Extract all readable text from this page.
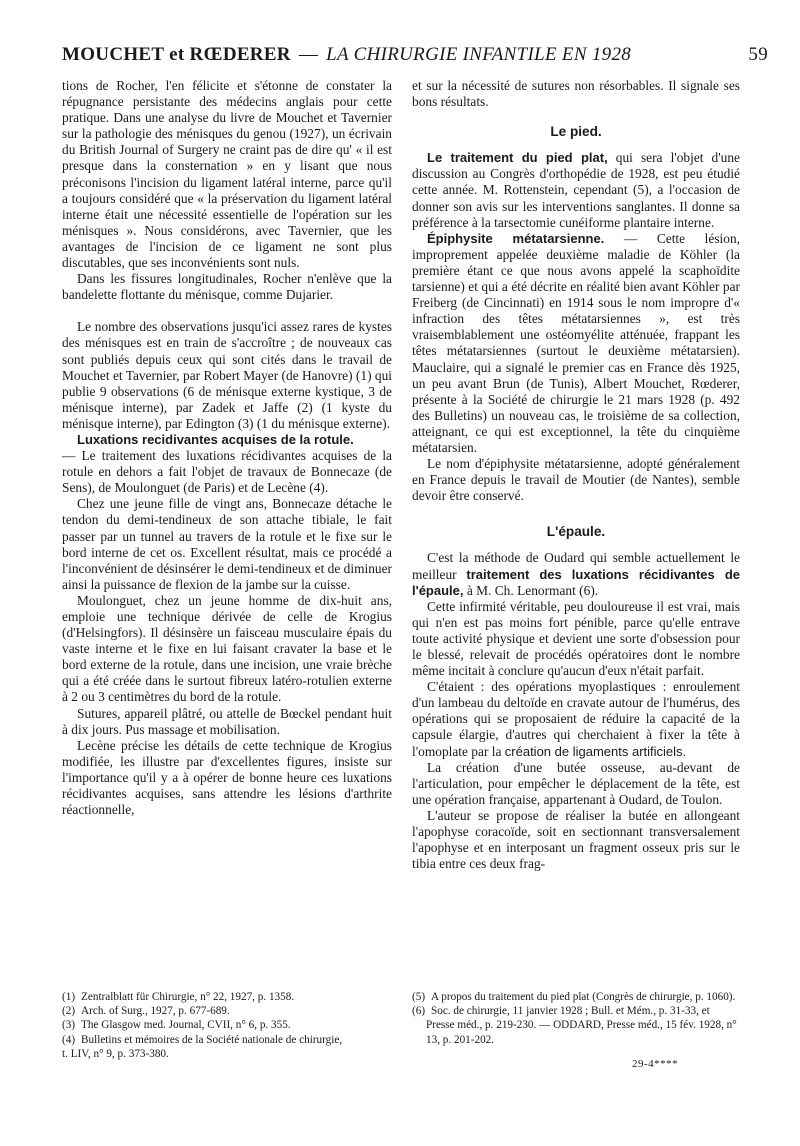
MOUCHET et RŒDERER — LA CHIRURGIE INFANTILE EN 1928	59

tions de Rocher, l'en félicite et s'étonne de constater la répugnance persistante des médecins anglais pour cette pratique. Dans une analyse du livre de Mouchet et Tavernier sur la pathologie des ménisques du genou (1927), un écrivain du British Journal of Surgery ne craint pas de dire qu' « il est presque dans la consternation » en y lisant que nous préconisons l'incision du ligament latéral interne, parce qu'il a toujours considéré que « la préservation du ligament latéral interne était une nécessité essentielle de l'opération sur les ménisques ». Nous considérons, avec Tavernier, que les avantages de l'incision de ce ligament ne sont plus discutables, que ses inconvénients sont nuls.

Dans les fissures longitudinales, Rocher n'enlève que la bandelette flottante du ménisque, comme Dujarier.

Le nombre des observations jusqu'ici assez rares de kystes des ménisques est en train de s'accroître ; de nouveaux cas sont publiés depuis ceux qui sont cités dans le travail de Mouchet et Tavernier, par Robert Mayer (de Hanovre) (1) qui publie 9 observations (6 de ménisque externe kystique, 3 de ménisque interne), par Zadek et Jaffe (2) (1 kyste du ménisque interne), par Edington (3) (1 du ménisque externe).

Luxations recidivantes acquises de la rotule.
— Le traitement des luxations récidivantes acquises de la rotule en dehors a fait l'objet de travaux de Bonnecaze (de Sens), de Moulonguet (de Paris) et de Lecène (4).

Chez une jeune fille de vingt ans, Bonnecaze détache le tendon du demi-tendineux de son attache tibiale, le fait passer par un tunnel au travers de la rotule et le fixe sur le bord interne de cet os. Excellent résultat, mais ce procédé a l'inconvénient de désinsérer le demi-tendineux et de diminuer ainsi la puissance de flexion de la jambe sur la cuisse.

Moulonguet, chez un jeune homme de dix-huit ans, emploie une technique dérivée de celle de Krogius (d'Helsingfors). Il désinsère un faisceau musculaire épais du vaste interne et le fixe en lui faisant cravater la base et le bord externe de la rotule, dans une incision, une vraie brèche qui a été créée dans le surtout fibreux latéro-rotulien externe à 2 ou 3 centimètres du bord de la rotule.

Sutures, appareil plâtré, ou attelle de Bœckel pendant huit à dix jours. Pus massage et mobilisation.

Lecène précise les détails de cette technique de Krogius modifiée, les illustre par d'excellentes figures, insiste sur l'importance qu'il y a à opérer de bonne heure ces luxations récidivantes acquises, sans attendre les lésions d'arthrite réactionnelle,

et sur la nécessité de sutures non résorbables. Il signale ses bons résultats.

Le pied.

Le traitement du pied plat, qui sera l'objet d'une discussion au Congrès d'orthopédie de 1928, est peu étudié cette année. M. Rottenstein, cependant (5), a l'occasion de donner son avis sur les interventions sanglantes. Il donne sa préférence à la tarsectomie cunéiforme plantaire interne.

Épiphysite métatarsienne. — Cette lésion, improprement appelée deuxième maladie de Köhler (la première étant ce que nous avons appelé la scaphoïdite tarsienne) et qui a été décrite en réalité bien avant Köhler par Freiberg (de Cincinnati) en 1914 sous le nom impropre d'« infraction des têtes métatarsiennes », est très vraisemblablement une ostéomyélite atténuée, frappant les têtes métatarsiennes (surtout le deuxième métatarsien). Mauclaire, qui a signalé le premier cas en France dès 1925, un peu avant Brun (de Tunis), Albert Mouchet, Rœderer, présente à la Société de chirurgie le 21 mars 1928 (p. 492 des Bulletins) un nouveau cas, le troisième de sa collection, atteignant, ce qui est exceptionnel, la tête du cinquième métatarsien.

Le nom d'épiphysite métatarsienne, adopté généralement en France depuis le travail de Moutier (de Nantes), semble devoir être conservé.

L'épaule.

C'est la méthode de Oudard qui semble actuellement le meilleur traitement des luxations récidivantes de l'épaule, à M. Ch. Lenormant (6).

Cette infirmité véritable, peu douloureuse il est vrai, mais qui n'en est pas moins fort pénible, parce qu'elle entrave toute activité physique et devient une sorte d'obsession pour le blessé, relevait de procédés opératoires dont le nombre même incitait à conclure qu'aucun d'eux n'était parfait.

C'étaient : des opérations myoplastiques : enroulement d'un lambeau du deltoïde en cravate autour de l'humérus, des opérations qui se proposaient de réduire la capacité de la capsule élargie, d'autres qui cherchaient à fixer la tête à l'omoplate par la création de ligaments artificiels.

La création d'une butée osseuse, au-devant de l'articulation, pour empêcher le déplacement de la tête, est une opération française, appartenant à Oudard, de Toulon.

L'auteur se propose de réaliser la butée en allongeant l'apophyse coracoïde, soit en sectionnant transversalement l'apophyse et en interposant un fragment osseux pris sur le tibia entre ces deux frag-

(1) Zentralblatt für Chirurgie, n° 22, 1927, p. 1358.

(2) Arch. of Surg., 1927, p. 677-689.

(3) The Glasgow med. Journal, CVII, n° 6, p. 355.

(4) Bulletins et mémoires de la Société nationale de chirurgie,

t. LIV, n° 9, p. 373-380.

(5) A propos du traitement du pied plat (Congrès de chirurgie, p. 1060).

(6) Soc. de chirurgie, 11 janvier 1928 ; Bull. et Mém., p. 31-33, et Presse méd., p. 219-230. — ODDARD, Presse méd., 15 fév. 1928, n° 13, p. 201-202.

29-4****
